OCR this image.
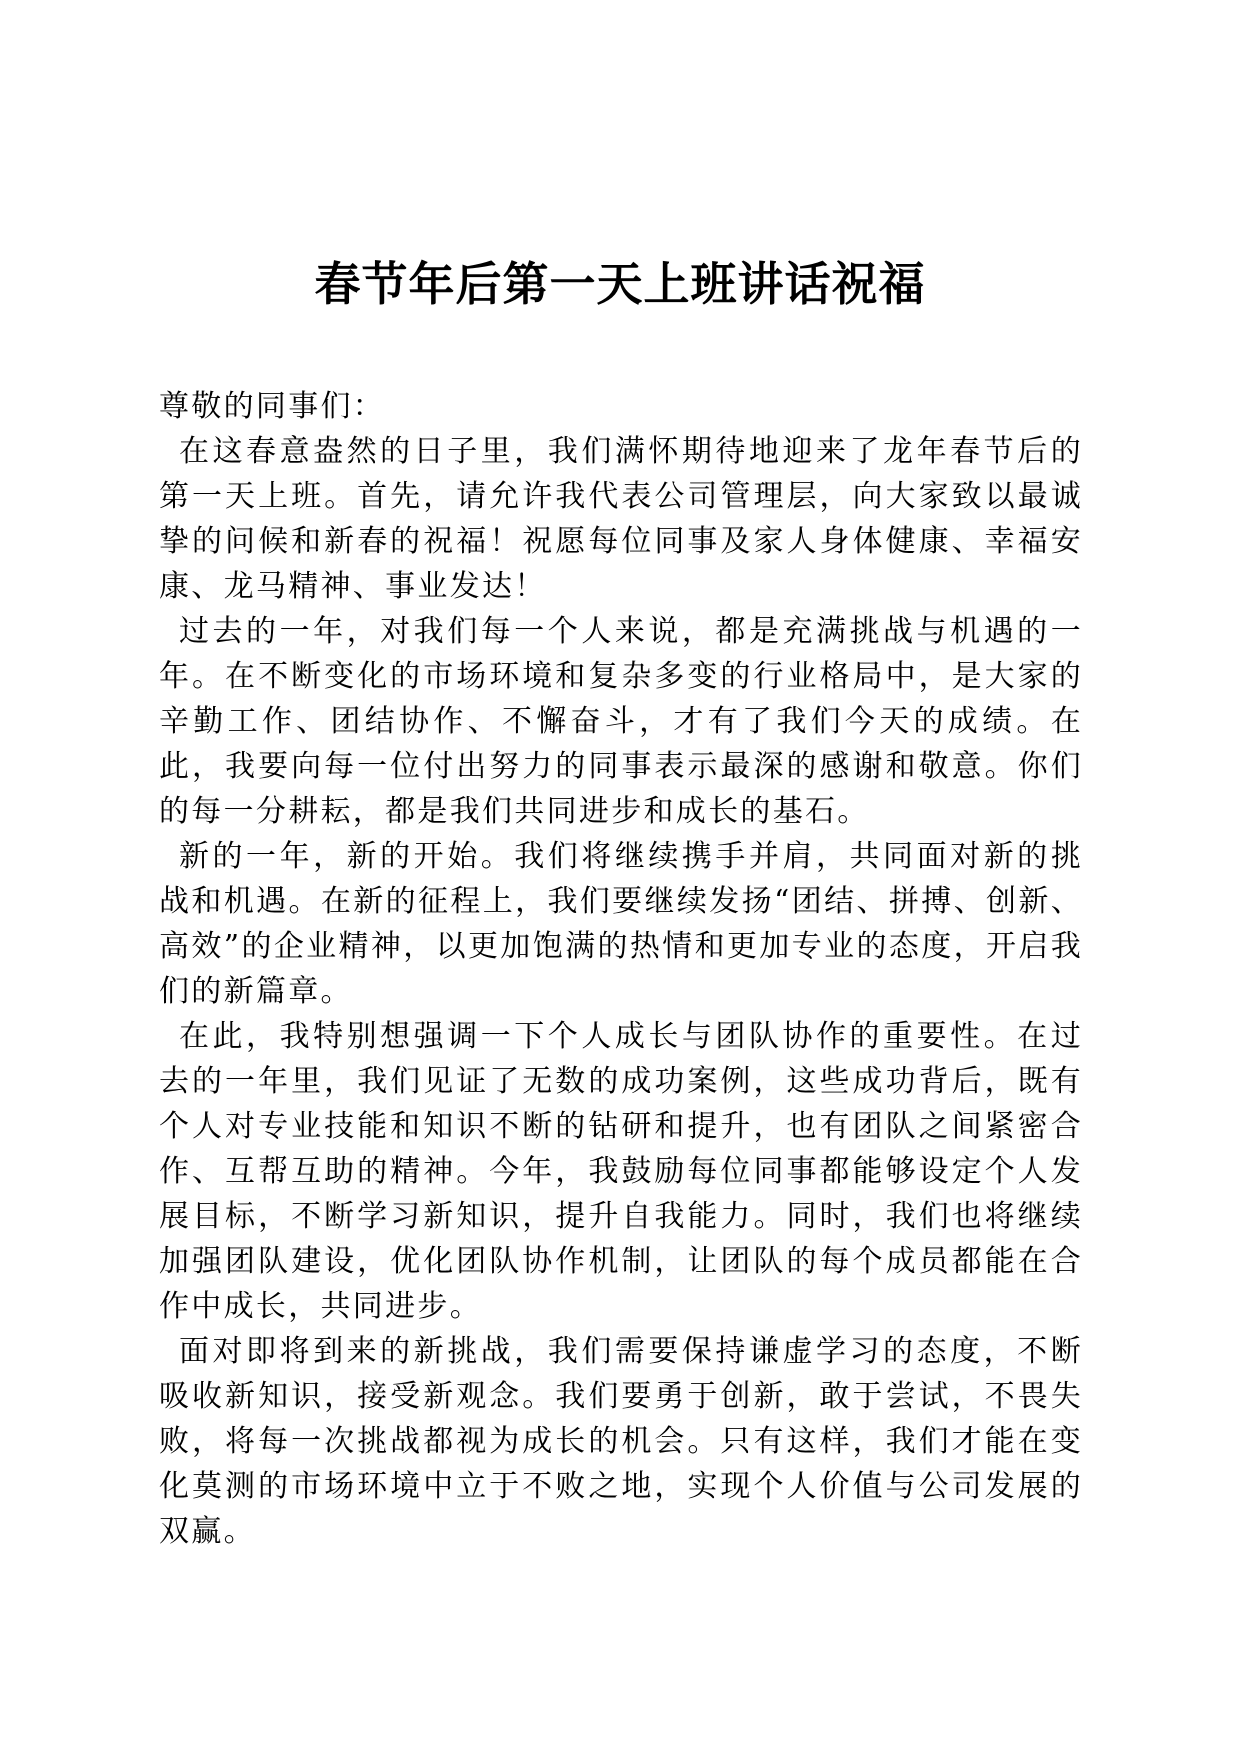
春节年后第一天上班讲话祝福

尊敬的同事们：

在这春意盎然的日子里，我们满怀期待地迎来了龙年春节后的第一天上班。首先，请允许我代表公司管理层，向大家致以最诚挚的问候和新春的祝福！祝愿每位同事及家人身体健康、幸福安康、龙马精神、事业发达！

过去的一年，对我们每一个人来说，都是充满挑战与机遇的一年。在不断变化的市场环境和复杂多变的行业格局中，是大家的辛勤工作、团结协作、不懈奋斗，才有了我们今天的成绩。在此，我要向每一位付出努力的同事表示最深的感谢和敬意。你们的每一分耕耘，都是我们共同进步和成长的基石。

新的一年，新的开始。我们将继续携手并肩，共同面对新的挑战和机遇。在新的征程上，我们要继续发扬“团结、拼搏、创新、高效”的企业精神，以更加饱满的热情和更加专业的态度，开启我们的新篇章。

在此，我特别想强调一下个人成长与团队协作的重要性。在过去的一年里，我们见证了无数的成功案例，这些成功背后，既有个人对专业技能和知识不断的钻研和提升，也有团队之间紧密合作、互帮互助的精神。今年，我鼓励每位同事都能够设定个人发展目标，不断学习新知识，提升自我能力。同时，我们也将继续加强团队建设，优化团队协作机制，让团队的每个成员都能在合作中成长，共同进步。

面对即将到来的新挑战，我们需要保持谦虚学习的态度，不断吸收新知识，接受新观念。我们要勇于创新，敢于尝试，不畏失败，将每一次挑战都视为成长的机会。只有这样，我们才能在变化莫测的市场环境中立于不败之地，实现个人价值与公司发展的双赢。
